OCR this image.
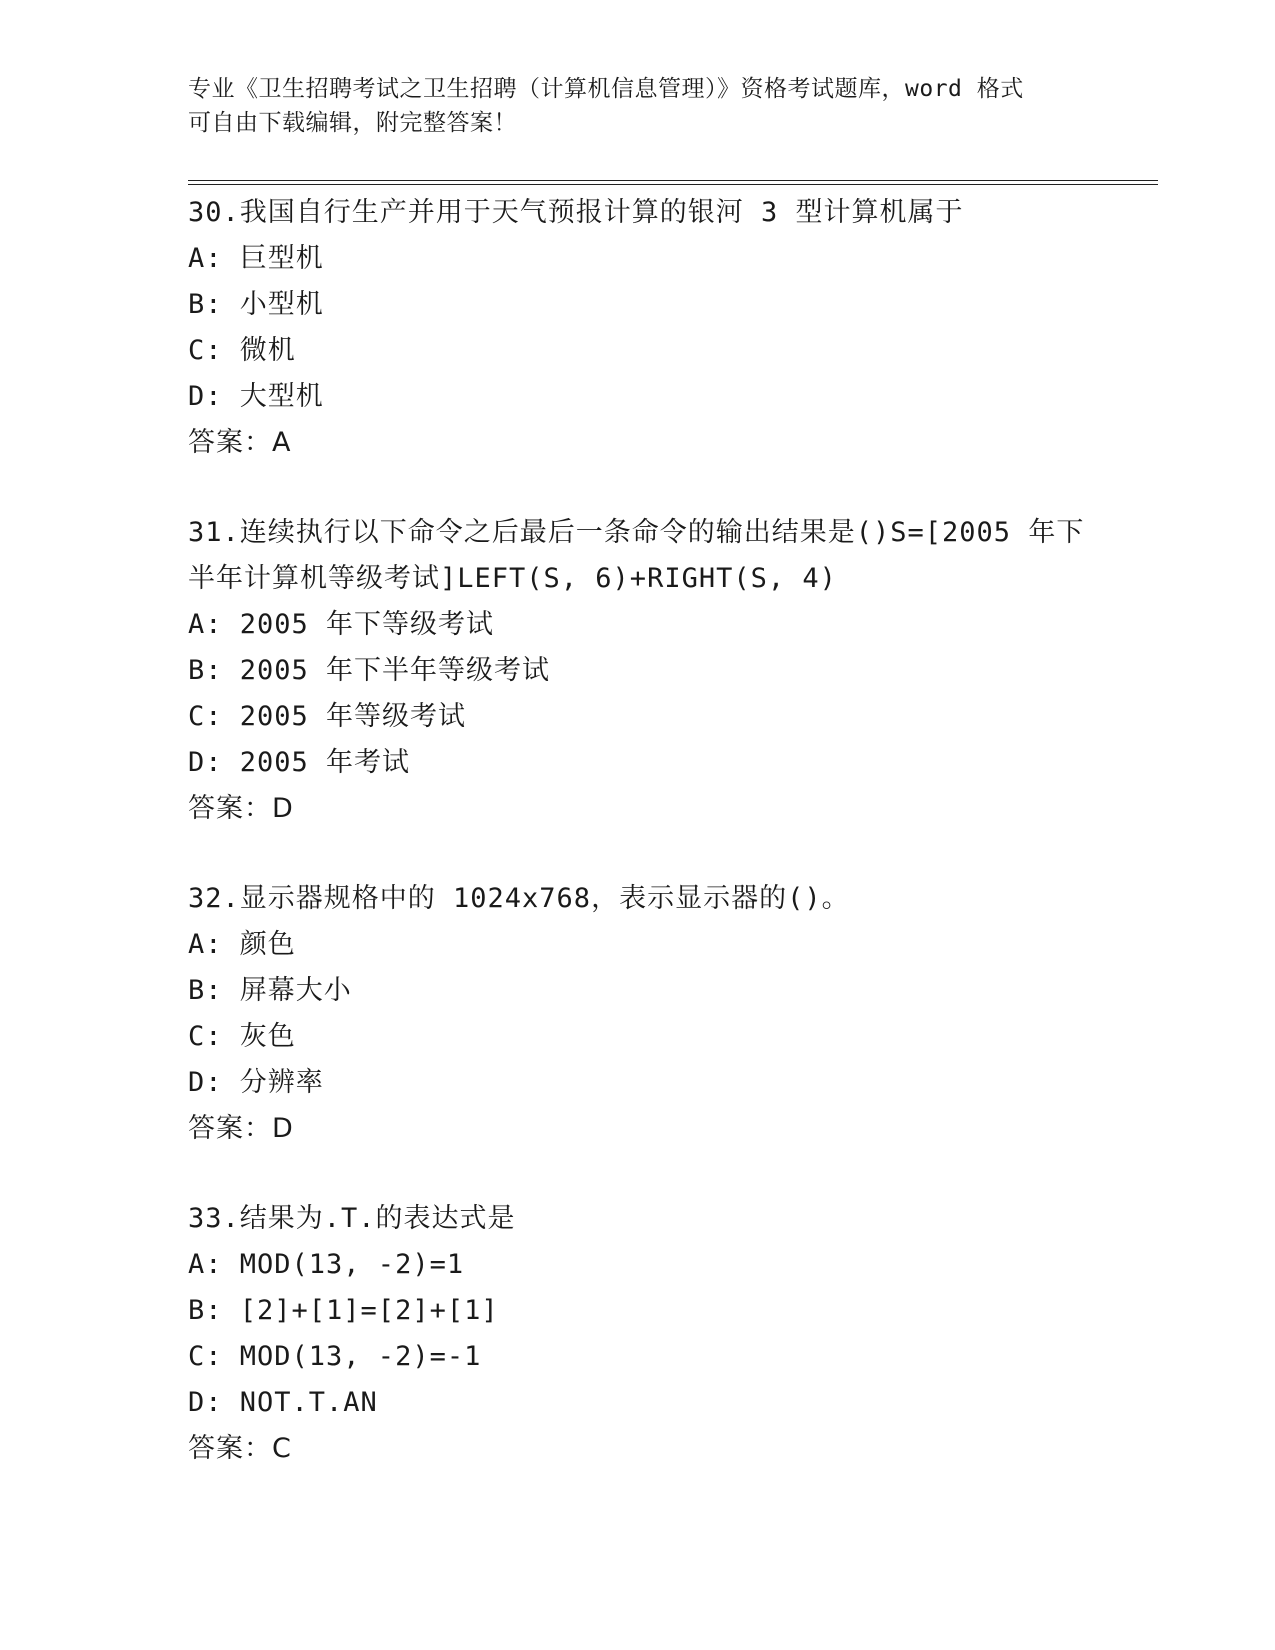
专业《卫生招聘考试之卫生招聘（计算机信息管理）》资格考试题库，word 格式
可自由下载编辑，附完整答案！
30.我国自行生产并用于天气预报计算的银河 3 型计算机属于
A: 巨型机
B: 小型机
C: 微机
D: 大型机
答案：A
31.连续执行以下命令之后最后一条命令的输出结果是()S=[2005 年下
半年计算机等级考试]LEFT(S, 6)+RIGHT(S, 4)
A: 2005 年下等级考试
B: 2005 年下半年等级考试
C: 2005 年等级考试
D: 2005 年考试
答案：D
32.显示器规格中的 1024x768，表示显示器的()。
A: 颜色
B: 屏幕大小
C: 灰色
D: 分辨率
答案：D
33.结果为.T.的表达式是
A: MOD(13, -2)=1
B: [2]+[1]=[2]+[1]
C: MOD(13, -2)=-1
D: NOT.T.AN
答案：C
